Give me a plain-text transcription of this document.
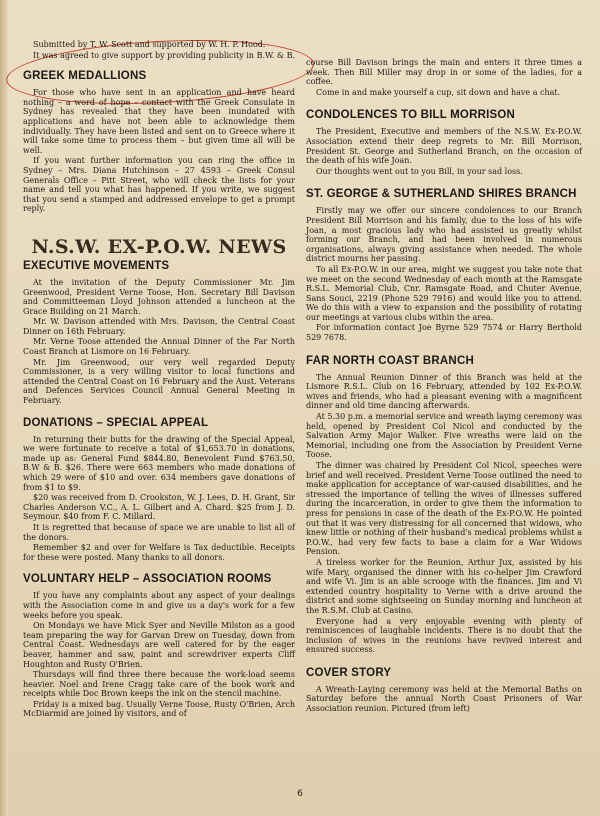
Submitted by T. W. Scott and supported by W. H. P. Hood.

It was agreed to give support by providing publicity in B.W. & B.

GREEK MEDALLIONS

For those who have sent in an application and have heard nothing – a word of hope – contact with the Greek Consulate in Sydney has revealed that they have been inundated with applications and have not been able to acknowledge them individually. They have been listed and sent on to Greece where it will take some time to process them – but given time all will be well.

If you want further information you can ring the office in Sydney – Mrs. Diana Hutchinson – 27 4593 – Greek Consul Generals Office – Pitt Street, who will check the lists for your name and tell you what has happened. If you write, we suggest that you send a stamped and addressed envelope to get a prompt reply.

N.S.W. EX-P.O.W. NEWS
EXECUTIVE MOVEMENTS

At the invitation of the Deputy Commissioner Mr. Jim Greenwood, President Verne Toose, Hon. Secretary Bill Davison and Committeeman Lloyd Johnson attended a luncheon at the Grace Building on 21 March.

Mr. W. Davison attended with Mrs. Davison, the Central Coast Dinner on 16th February.

Mr. Verne Toose attended the Annual Dinner of the Far North Coast Branch at Lismore on 16 February.

Mr. Jim Greenwood, our very well regarded Deputy Commissioner, is a very willing visitor to local functions and attended the Central Coast on 16 February and the Aust. Veterans and Defences Services Council Annual General Meeting in February.

DONATIONS – SPECIAL APPEAL

In returning their butts for the drawing of the Special Appeal, we were fortunate to receive a total of $1,653.70 in donations, made up as: General Fund $844.80, Benevolent Fund $763.50, B.W & B. $26. There were 663 members who made donations of which 29 were of $10 and over. 634 members gave donations of from $1 to $9.

$20 was received from D. Crookston, W. J. Lees, D. H. Grant, Sir Charles Anderson V.C., A. L. Gilbert and A. Chard. $25 from J. D. Seymour. $40 from F. C. Millard.

It is regretted that because of space we are unable to list all of the donors.

Remember $2 and over for Welfare is Tax deductible. Receipts for these were posted. Many thanks to all donors.

VOLUNTARY HELP – ASSOCIATION ROOMS

If you have any complaints about any aspect of your dealings with the Association come in and give us a day's work for a few weeks before you speak.

On Mondays we have Mick Syer and Neville Milston as a good team preparing the way for Garvan Drew on Tuesday, down from Central Coast. Wednesdays are well catered for by the eager beaver, hammer and saw, paint and screwdriver experts Cliff Houghton and Rusty O'Brien.

Thursdays will find three there because the work-load seems heavier. Noel and Irene Cragg take care of the book work and receipts while Doc Brown keeps the ink on the stencil machine.

Friday is a mixed bag. Usually Verne Toose, Rusty O'Brien, Arch McDiarmid are joined by visitors, and of

course Bill Davison brings the main and enters it three times a week. Then Bill Miller may drop in or some of the ladies, for a coffee.

Come in and make yourself a cup, sit down and have a chat.

CONDOLENCES TO BILL MORRISON

The President, Executive and members of the N.S.W. Ex-P.O.W. Association extend their deep regrets to Mr. Bill Morrison, President St. George and Sutherland Branch, on the occasion of the death of his wife Joan.

Our thoughts went out to you Bill, in your sad loss.

ST. GEORGE & SUTHERLAND SHIRES BRANCH

Firstly may we offer our sincere condolences to our Branch President Bill Morrison and his family, due to the loss of his wife Joan, a most gracious lady who had assisted us greatly whilst forming our Branch, and had been involved in numerous organisations, always giving assistance when needed. The whole district mourns her passing.

To all Ex-P.O.W. in our area, might we suggest you take note that we meet on the second Wednesday of each month at the Ramsgate R.S.L. Memorial Club, Cnr. Ramsgate Road, and Chuter Avenue, Sans Souci, 2219 (Phone 529 7916) and would like you to attend. We do this with a view to expansion and the possibility of rotating our meetings at various clubs within the area.

For information contact Joe Byrne 529 7574 or Harry Berthold 529 7678.

FAR NORTH COAST BRANCH

The Annual Reunion Dinner of this Branch was held at the Lismore R.S.L. Club on 16 February, attended by 102 Ex-P.O.W. wives and friends, who had a pleasant evening with a magnificent dinner and old time dancing afterwards.

At 5.30 p.m. a memorial service and wreath laying ceremony was held, opened by President Col Nicol and conducted by the Salvation Army Major Walker. Five wreaths were laid on the Memorial, including one from the Association by President Verne Toose.

The dinner was chaired by President Col Nicol, speeches were brief and well received. President Verne Toose outlined the need to make application for acceptance of war-caused disabilities, and he stressed the importance of telling the wives of illnesses suffered during the incarceration, in order to give them the information to press for pensions in case of the death of the Ex-P.O.W. He pointed out that it was very distressing for all concerned that widows, who knew little or nothing of their husband's medical problems whilst a P.O.W., had very few facts to base a claim for a War Widows Pension.

A tireless worker for the Reunion, Arthur Jux, assisted by his wife Mary, organised the dinner with his co-helper Jim Crawford and wife Vi. Jim is an able scrooge with the finances. Jim and Vi extended country hospitality to Verne with a drive around the district and some sightseeing on Sunday morning and luncheon at the R.S.M. Club at Casino.

Everyone had a very enjoyable evening with plenty of reminiscences of laughable incidents. There is no doubt that the inclusion of wives in the reunions have revived interest and ensured success.

COVER STORY

A Wreath-Laying ceremony was held at the Memorial Baths on Saturday before the annual North Coast Prisoners of War Association reunion. Pictured (from left)

6
